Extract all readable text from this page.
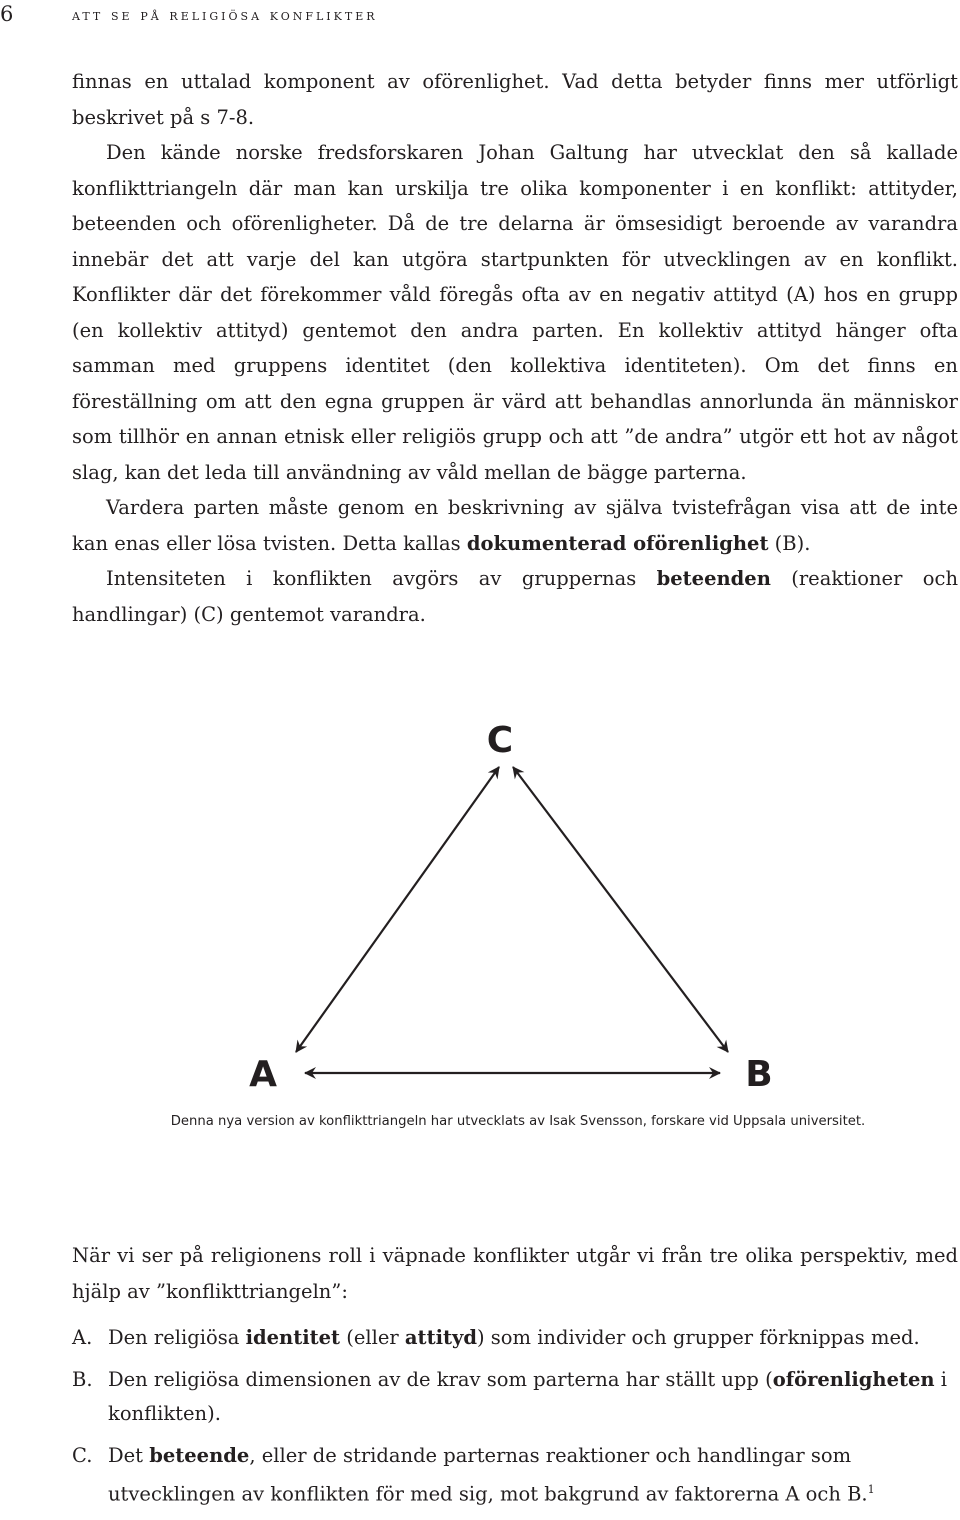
6	att se på religiösa konflikter

finnas en uttalad komponent av oförenlighet. Vad detta betyder finns mer utförligt beskrivet på s 7-8.

Den kände norske fredsforskaren Johan Galtung har utvecklat den så kallade konflikttriangeln där man kan urskilja tre olika komponenter i en konflikt: attityder, beteenden och oförenligheter. Då de tre delarna är ömsesidigt beroende av varandra innebär det att varje del kan utgöra startpunkten för utvecklingen av en konflikt. Konflikter där det förekommer våld föregås ofta av en negativ attityd (A) hos en grupp (en kollektiv attityd) gentemot den andra parten. En kollektiv attityd hänger ofta samman med gruppens identitet (den kollektiva identiteten). Om det finns en föreställning om att den egna gruppen är värd att behandlas annorlunda än människor som tillhör en annan etnisk eller religiös grupp och att ”de andra” utgör ett hot av något slag, kan det leda till användning av våld mellan de bägge parterna.

Vardera parten måste genom en beskrivning av själva tvistefrågan visa att de inte kan enas eller lösa tvisten. Detta kallas dokumenterad oförenlighet (B).

Intensiteten i konflikten avgörs av gruppernas beteenden (reaktioner och handlingar) (C) gentemot varandra.

C
A	B
Denna nya version av konflikttriangeln har utvecklats av Isak Svensson, forskare vid Uppsala universitet.

När vi ser på religionens roll i väpnade konflikter utgår vi från tre olika perspektiv, med hjälp av ”konflikttriangeln”:

A. Den religiösa identitet (eller attityd) som individer och grupper förknippas med.
B. Den religiösa dimensionen av de krav som parterna har ställt upp (oförenligheten i konflikten).
C. Det beteende, eller de stridande parternas reaktioner och handlingar som utvecklingen av konflikten för med sig, mot bakgrund av faktorerna A och B.$^1$
